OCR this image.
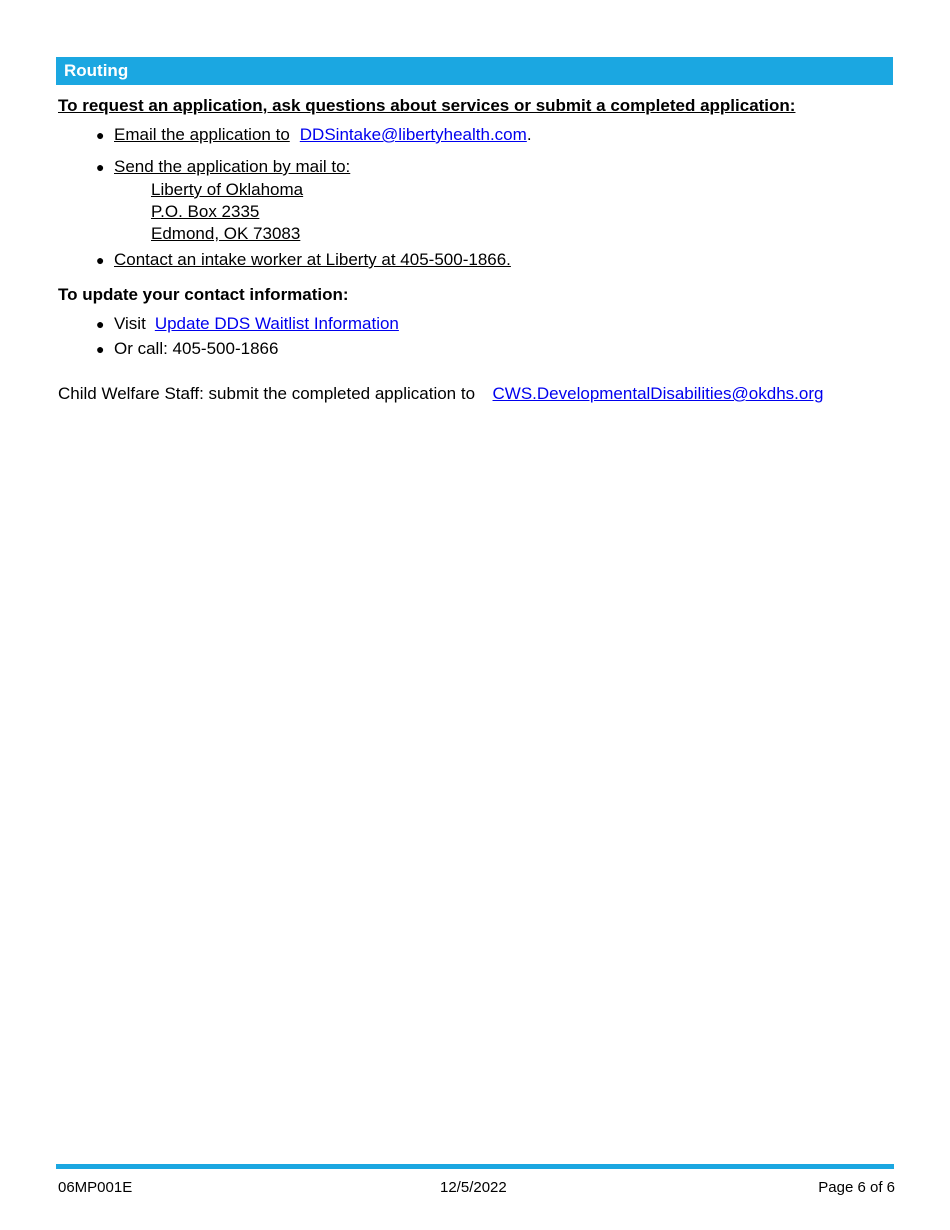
Routing
To request an application, ask questions about services or submit a completed application:
● Email the application to DDSintake@libertyhealth.com .
● Send the application by mail to:
Liberty of Oklahoma
P.O. Box 2335
Edmond, OK 73083
● Contact an intake worker at Liberty at 405-500-1866.
To update your contact information:
● Visit Update DDS Waitlist Information
● Or call: 405-500-1866
Child Welfare Staff: submit the completed application to CWS.DevelopmentalDisabilities@okdhs.org
06MP001E	12/5/2022	Page 6 of 6
